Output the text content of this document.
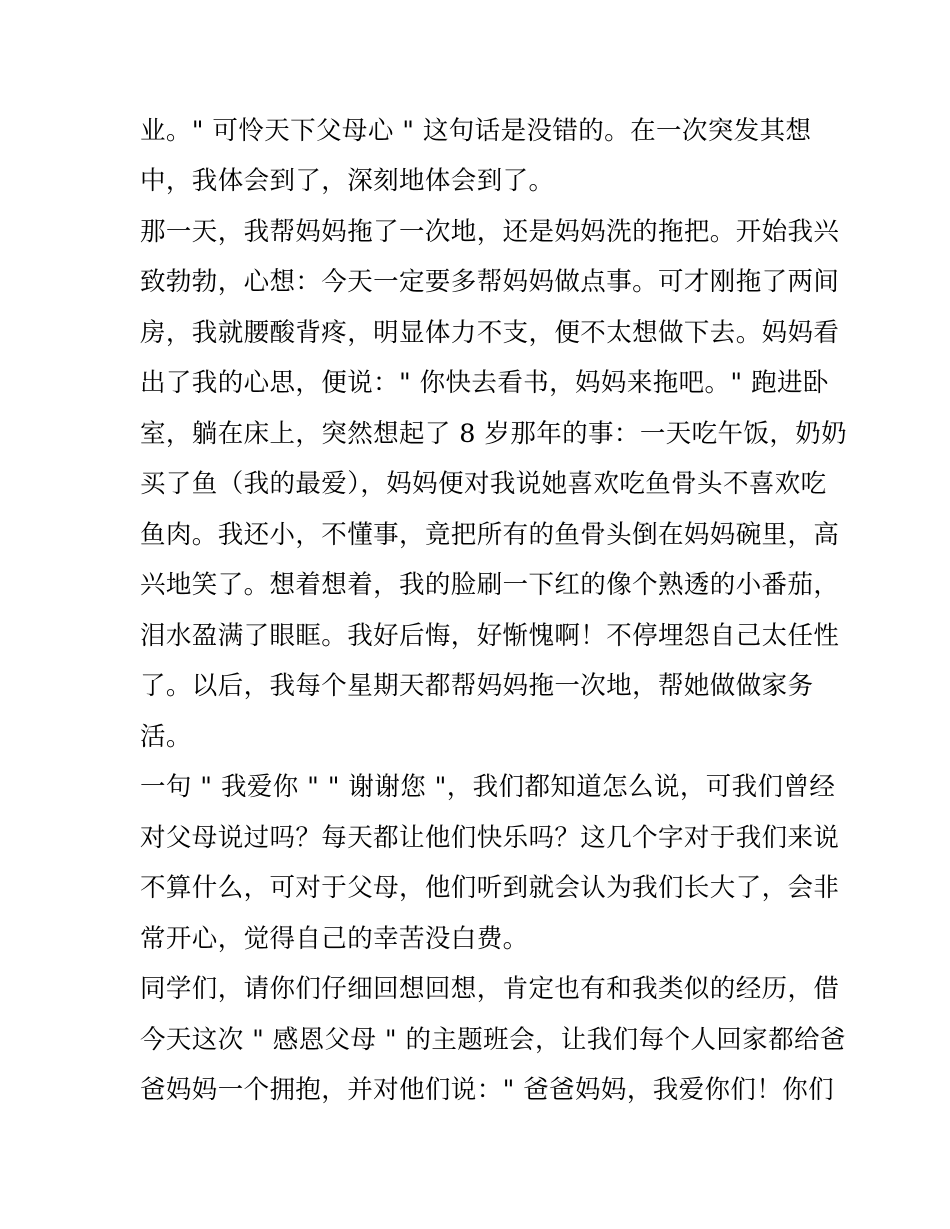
业。" 可怜天下父母心 " 这句话是没错的。在一次突发其想
中，我体会到了，深刻地体会到了。
那一天，我帮妈妈拖了一次地，还是妈妈洗的拖把。开始我兴
致勃勃，心想：今天一定要多帮妈妈做点事。可才刚拖了两间
房，我就腰酸背疼，明显体力不支，便不太想做下去。妈妈看
出了我的心思，便说：" 你快去看书，妈妈来拖吧。" 跑进卧
室，躺在床上，突然想起了 8 岁那年的事：一天吃午饭，奶奶
买了鱼（我的最爱），妈妈便对我说她喜欢吃鱼骨头不喜欢吃
鱼肉。我还小，不懂事，竟把所有的鱼骨头倒在妈妈碗里，高
兴地笑了。想着想着，我的脸刷一下红的像个熟透的小番茄，
泪水盈满了眼眶。我好后悔，好惭愧啊！不停埋怨自己太任性
了。以后，我每个星期天都帮妈妈拖一次地，帮她做做家务
活。
一句 " 我爱你 " " 谢谢您 "，我们都知道怎么说，可我们曾经
对父母说过吗？每天都让他们快乐吗？这几个字对于我们来说
不算什么，可对于父母，他们听到就会认为我们长大了，会非
常开心，觉得自己的幸苦没白费。
同学们，请你们仔细回想回想，肯定也有和我类似的经历，借
今天这次 " 感恩父母 " 的主题班会，让我们每个人回家都给爸
爸妈妈一个拥抱，并对他们说：" 爸爸妈妈，我爱你们！你们
